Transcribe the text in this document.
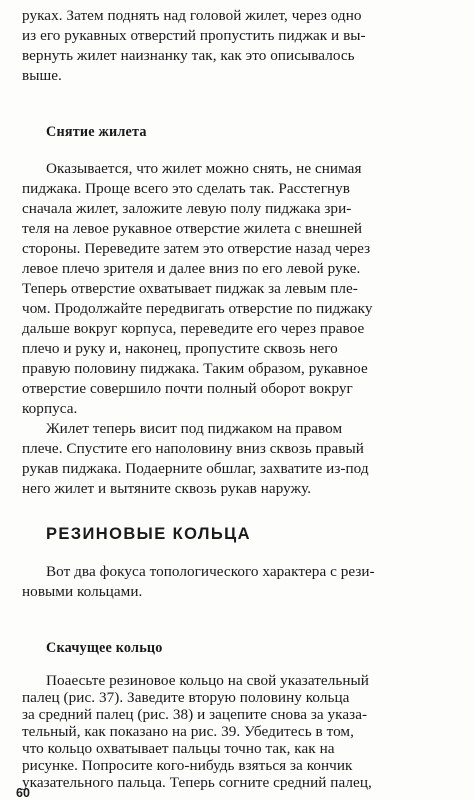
руках. Затем поднять над головой жилет, через одно
из его рукавных отверстий пропустить пиджак и вы-
вернуть жилет наизнанку так, как это описывалось
выше.
Снятие жилета
Оказывается, что жилет можно снять, не снимая
пиджака. Проще всего это сделать так. Расстегнув
сначала жилет, заложите левую полу пиджака зри-
теля на левое рукавное отверстие жилета с внешней
стороны. Переведите затем это отверстие назад через
левое плечо зрителя и далее вниз по его левой руке.
Теперь отверстие охватывает пиджак за левым пле-
чом. Продолжайте передвигать отверстие по пиджаку
дальше вокруг корпуса, переведите его через правое
плечо и руку и, наконец, пропустите сквозь него
правую половину пиджака. Таким образом, рукавное
отверстие совершило почти полный оборот вокруг
корпуса.
Жилет теперь висит под пиджаком на правом
плече. Спустите его наполовину вниз сквозь правый
рукав пиджака. Подаерните обшлаг, захватите из-под
него жилет и вытяните сквозь рукав наружу.
РЕЗИНОВЫЕ КОЛЬЦА
Вот два фокуса топологического характера с рези-
новыми кольцами.
Скачущее кольцо
Поаесьте резиновое кольцо на свой указательный
палец (рис. 37). Заведите вторую половину кольца
за средний палец (рис. 38) и зацепите снова за указа-
тельный, как показано на рис. 39. Убедитесь в том,
что кольцо охватывает пальцы точно так, как на
рисунке. Попросите кого-нибудь взяться за кончик
указательного пальца. Теперь согните средний палец,
60
